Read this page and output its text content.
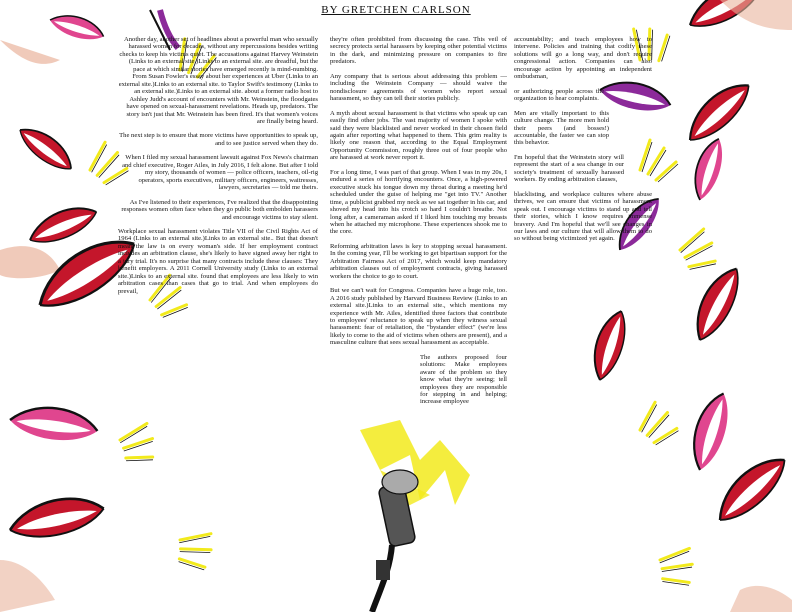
BY GRETCHEN CARLSON

Another day, another set of headlines about a powerful man who sexually harassed women for decades, without any repercussions besides writing checks to keep his victims quiet. The accusations against Harvey Weinstein (Links to an external site.)Links to an external site. are dreadful, but the pace at which similar stories have emerged recently is mind-numbing. From Susan Fowler's essay about her experiences at Uber (Links to an external site.)Links to an external site. to Taylor Swift's testimony (Links to an external site.)Links to an external site. about a former radio host to Ashley Judd's account of encounters with Mr. Weinstein, the floodgates have opened on sexual-harassment revelations. Heads up, predators. The story isn't just that Mr. Weinstein has been fired. It's that women's voices are finally being heard.

The next step is to ensure that more victims have opportunities to speak up, and to see justice served when they do.

When I filed my sexual harassment lawsuit against Fox News's chairman and chief executive, Roger Ailes, in July 2016, I felt alone. But after I told my story, thousands of women — police officers, teachers, oil-rig operators, sports executives, military officers, engineers, waitresses, lawyers, secretaries — told me theirs.

As I've listened to their experiences, I've realized that the disappointing responses women often face when they go public both embolden harassers and encourage victims to stay silent.

Workplace sexual harassment violates Title VII of the Civil Rights Act of 1964 (Links to an external site.)Links to an external site.. But that doesn't mean the law is on every woman's side. If her employment contract includes an arbitration clause, she's likely to have signed away her right to a jury trial. It's no surprise that many contracts include these clauses: They benefit employers. A 2011 Cornell University study (Links to an external site.)Links to an external site. found that employees are less likely to win arbitration cases than cases that go to trial. And when employees do prevail,

they're often prohibited from discussing the case. This veil of secrecy protects serial harassers by keeping other potential victims in the dark, and minimizing pressure on companies to fire predators.

Any company that is serious about addressing this problem — including the Weinstein Company — should waive the nondisclosure agreements of women who report sexual harassment, so they can tell their stories publicly.

A myth about sexual harassment is that victims who speak up can easily find other jobs. The vast majority of women I spoke with said they were blacklisted and never worked in their chosen field again after reporting what happened to them. This grim reality is likely one reason that, according to the Equal Employment Opportunity Commission, roughly three out of four people who are harassed at work never report it.

For a long time, I was part of that group. When I was in my 20s, I endured a series of horrifying encounters. Once, a high-powered executive stuck his tongue down my throat during a meeting he'd scheduled under the guise of helping me "get into TV." Another time, a publicist grabbed my neck as we sat together in his car, and shoved my head into his crotch so hard I couldn't breathe. Not long after, a cameraman asked if I liked him touching my breasts when he attached my microphone. These experiences shook me to the core.

Reforming arbitration laws is key to stopping sexual harassment. In the coming year, I'll be working to get bipartisan support for the Arbitration Fairness Act of 2017, which would keep mandatory arbitration clauses out of employment contracts, giving harassed workers the choice to go to court.

But we can't wait for Congress. Companies have a huge role, too. A 2016 study published by Harvard Business Review (Links to an external site.)Links to an external site., which mentions my experience with Mr. Ailes, identified three factors that contribute to employees' reluctance to speak up when they witness sexual harassment: fear of retaliation, the "bystander effect" (we're less likely to come to the aid of victims when others are present), and a masculine culture that sees sexual harassment as acceptable.

The authors proposed four solutions: Make employees aware of the problem so they know what they're seeing; tell employees they are responsible for stepping in and helping; increase employee

accountability; and teach employees how to intervene. Policies and training that codify these solutions will go a long way, and don't require congressional action. Companies can also encourage action by appointing an independent ombudsman,

or authorizing people across the organization to hear complaints.

Men are vitally important to this culture change. The more men hold their peers (and bosses!) accountable, the faster we can stop this behavior.

I'm hopeful that the Weinstein story will represent the start of a sea change in our society's treatment of sexually harassed workers. By ending arbitration clauses,

blacklisting, and workplace cultures where abuse thrives, we can ensure that victims of harassment speak out. I encourage victims to stand up and tell their stories, which I know requires immense bravery. And I'm hopeful that we'll see changes in our laws and our culture that will allow them to do so without being victimized yet again.
